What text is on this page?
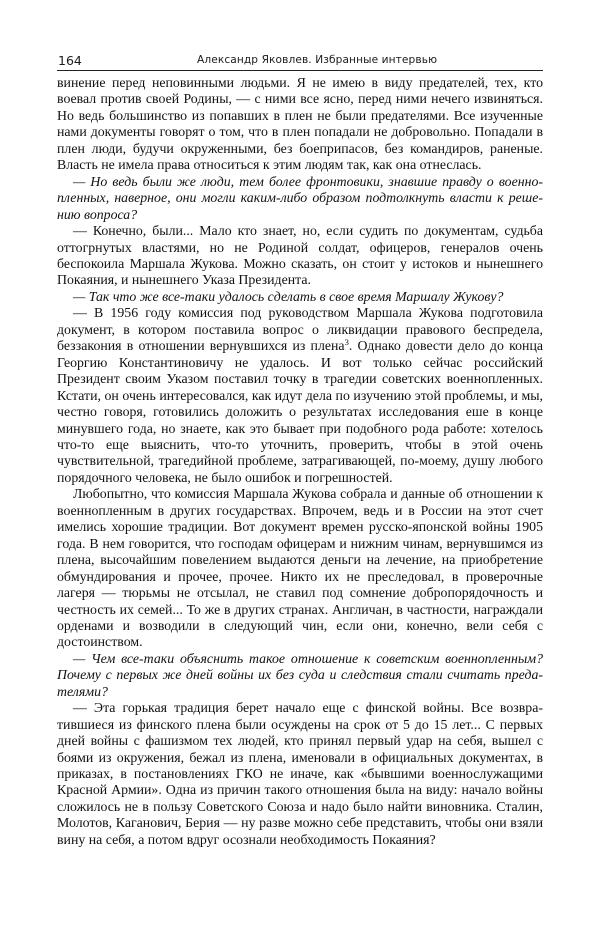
164	Александр Яковлев. Избранные интервью

винение перед неповинными людьми. Я не имею в виду предателей, тех, кто воевал против своей Родины, — с ними все ясно, перед ними нечего извиняться. Но ведь большинство из попавших в плен не были предателями. Все изученные нами документы говорят о том, что в плен попадали не добровольно. Попадали в плен люди, будучи окруженными, без боеприпасов, без командиров, раненые. Власть не имела права относиться к этим людям так, как она отнеслась.

— Но ведь были же люди, тем более фронтовики, знавшие правду о военнопленных, наверное, они могли каким-либо образом подтолкнуть власти к решению вопроса?

— Конечно, были... Мало кто знает, но, если судить по документам, судьба оттогрнутых властями, но не Родиной солдат, офицеров, генералов очень беспокоила Маршала Жукова. Можно сказать, он стоит у истоков и нынешнего Покаяния, и нынешнего Указа Президента.

— Так что же все-таки удалось сделать в свое время Маршалу Жукову?

— В 1956 году комиссия под руководством Маршала Жукова подготовила документ, в котором поставила вопрос о ликвидации правового беспредела, беззакония в отношении вернувшихся из плена$^3$. Однако довести дело до конца Георгию Константиновичу не удалось. И вот только сейчас российский Президент своим Указом поставил точку в трагедии советских военнопленных. Кстати, он очень интересовался, как идут дела по изучению этой проблемы, и мы, честно говоря, готовились доложить о результатах исследования еше в конце минувшего года, но знаете, как это бывает при подобного рода работе: хотелось что-то еще выяснить, что-то уточнить, проверить, чтобы в этой очень чувствительной, трагедийной проблеме, затрагивающей, по-моему, душу любого порядочного человека, не было ошибок и погрешностей.

Любопытно, что комиссия Маршала Жукова собрала и данные об отношении к военнопленным в других государствах. Впрочем, ведь и в России на этот счет имелись хорошие традиции. Вот документ времен русско-японской войны 1905 года. В нем говорится, что господам офицерам и нижним чинам, вернувшимся из плена, высочайшим повелением выдаются деньги на лечение, на приобретение обмундирования и прочее, прочее. Никто их не преследовал, в проверочные лагеря — тюрьмы не отсылал, не ставил под сомнение добропорядочность и честность их семей... То же в других странах. Англичан, в частности, награждали орденами и возводили в следующий чин, если они, конечно, вели себя с достоинством.

— Чем все-таки объяснить такое отношение к советским военнопленным? Почему с первых же дней войны их без суда и следствия стали считать предателями?

— Эта горькая традиция берет начало еще с финской войны. Все возвратившиеся из финского плена были осуждены на срок от 5 до 15 лет... С первых дней войны с фашизмом тех людей, кто принял первый удар на себя, вышел с боями из окружения, бежал из плена, именовали в официальных документах, в приказах, в постановлениях ГКО не иначе, как «бывшими военнослужащими Красной Армии». Одна из причин такого отношения была на виду: начало войны сложилось не в пользу Советского Союза и надо было найти виновника. Сталин, Молотов, Каганович, Берия — ну разве можно себе представить, чтобы они взяли вину на себя, а потом вдруг осознали необходимость Покаяния?
